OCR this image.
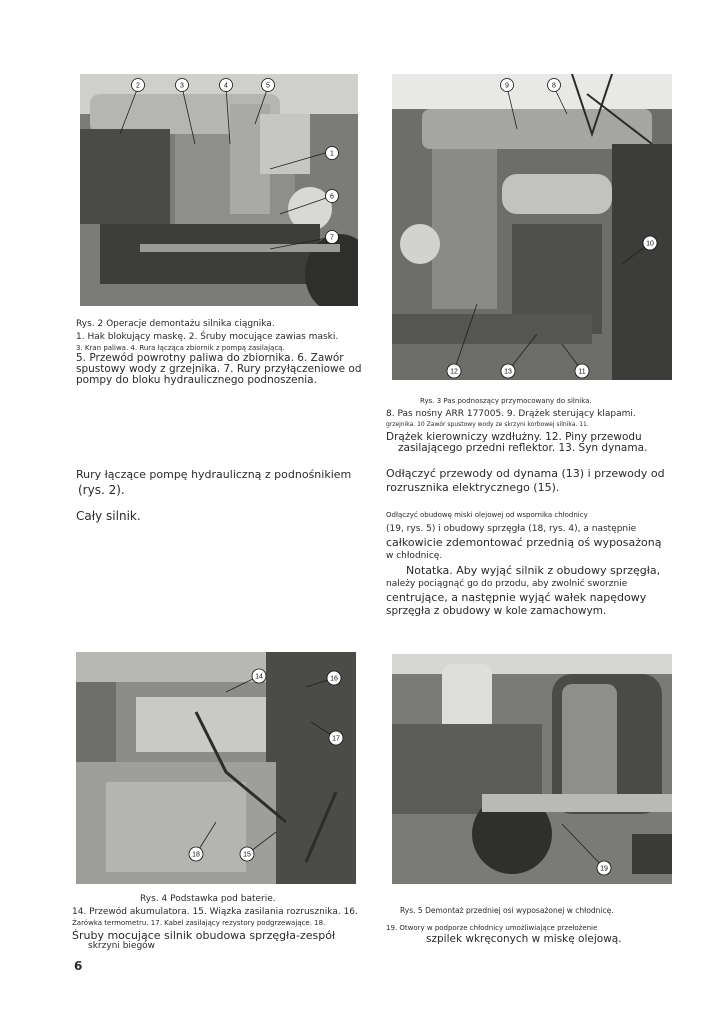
2	3	4	5
1
6
7
Rys. 2 Operacje demontażu silnika ciągnika.
1. Hak blokujący maskę. 2. Śruby mocujące zawias maski.
3. Kran paliwa. 4. Rura łącząca zbiornik z pompą zasilającą.
5. Przewód powrotny paliwa do zbiornika. 6. Zawór
spustowy wody z grzejnika. 7. Rury przyłączeniowe od
pompy do bloku hydraulicznego podnoszenia.
9	8
10
12	13	11
Rys. 3 Pas podnoszący przymocowany do silnika.
8. Pas nośny ARR 177005. 9. Drążek sterujący klapami.
grzejnika. 10 Zawór spustowy wody ze skrzyni korbowej silnika. 11.
Drążek kierowniczy wzdłużny. 12. Piny przewodu
zasilającego przedni reflektor. 13. Syn dynama.
Rury łączące pompę hydrauliczną z podnośnikiem
(rys. 2).
Cały silnik.
Odłączyć przewody od dynama (13) i przewody od
rozrusznika elektrycznego (15).
Odłączyć obudowę miski olejowej od wspornika chłodnicy
(19, rys. 5) i obudowy sprzęgła (18, rys. 4), a następnie
całkowicie zdemontować przednią oś wyposażoną
w chłodnicę.
Notatka. Aby wyjąć silnik z obudowy sprzęgła,
należy pociągnąć go do przodu, aby zwolnić sworznie
centrujące, a następnie wyjąć wałek napędowy
sprzęgła z obudowy w kole zamachowym.
14	16
17
18	15
Rys. 4 Podstawka pod baterie.
14. Przewód akumulatora. 15. Wiązka zasilania rozrusznika. 16.
Żarówka termometru. 17. Kabel zasilający rezystory podgrzewające. 18.
Śruby mocujące silnik obudowa sprzęgła-zespół
skrzyni biegów
19
Rys. 5 Demontaż przedniej osi wyposażonej w chłodnicę.
19. Otwory w podporze chłodnicy umożliwiające przełożenie
szpilek wkręconych w miskę olejową.
6
